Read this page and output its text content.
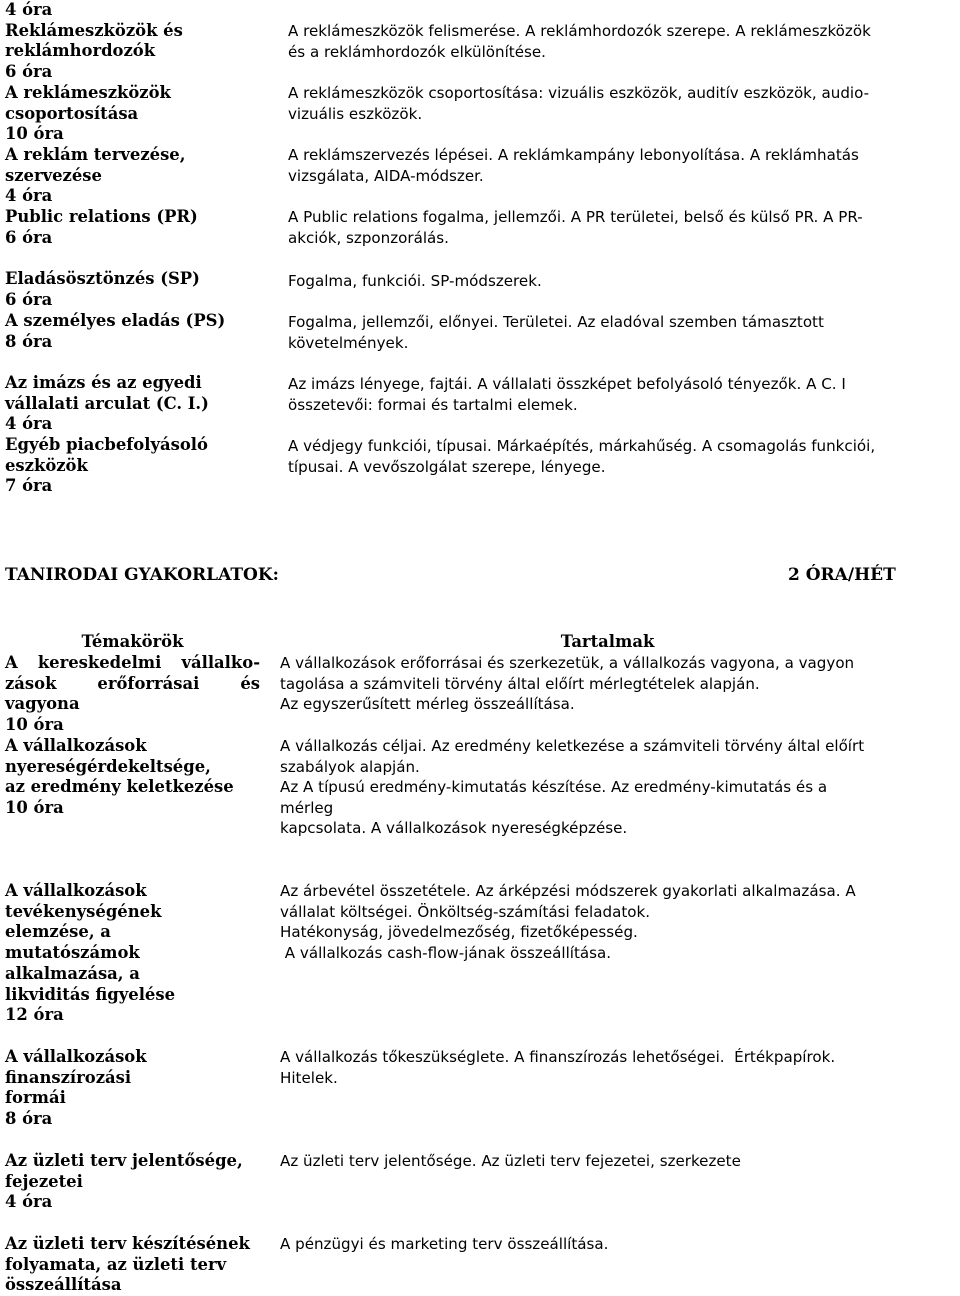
4 óra
Reklámeszközök és
reklámhordozók
6 óra
A reklámeszközök felismerése. A reklámhordozók szerepe. A reklámeszközök
és a reklámhordozók elkülönítése.
A reklámeszközök
csoportosítása
10 óra
A reklámeszközök csoportosítása: vizuális eszközök, auditív eszközök, audio-
vizuális eszközök.
A reklám tervezése,
szervezése
4 óra
A reklámszervezés lépései. A reklámkampány lebonyolítása. A reklámhatás
vizsgálata, AIDA-módszer.
Public relations (PR)
6 óra
A Public relations fogalma, jellemzői. A PR területei, belső és külső PR. A PR-
akciók, szponzorálás.
Eladásösztönzés (SP)
6 óra
Fogalma, funkciói. SP-módszerek.
A személyes eladás (PS)
8 óra
Fogalma, jellemzői, előnyei. Területei. Az eladóval szemben támasztott
követelmények.
Az imázs és az egyedi
vállalati arculat (C. I.)
4 óra
Az imázs lényege, fajtái. A vállalati összképet befolyásoló tényezők. A C. I
összetevői: formai és tartalmi elemek.
Egyéb piacbefolyásoló
eszközök
7 óra
A védjegy funkciói, típusai. Márkaépítés, márkahűség. A csomagolás funkciói,
típusai. A vevőszolgálat szerepe, lényege.
TANIRODAI GYAKORLATOK:	2 ÓRA/HÉT
Témakörök	Tartalmak
A kereskedelmi vállalko-
zások erőforrásai és
vagyona
10 óra
A vállalkozások erőforrásai és szerkezetük, a vállalkozás vagyona, a vagyon
tagolása a számviteli törvény által előírt mérlegtételek alapján.
Az egyszerűsített mérleg összeállítása.
A vállalkozások
nyereségérdekeltsége,
az eredmény keletkezése
10 óra
A vállalkozás céljai. Az eredmény keletkezése a számviteli törvény által előírt
szabályok alapján.
Az A típusú eredmény-kimutatás készítése. Az eredmény-kimutatás és a
mérleg
kapcsolata. A vállalkozások nyereségképzése.
A vállalkozások
tevékenységének
elemzése, a
mutatószámok
alkalmazása, a
likviditás figyelése
12 óra
Az árbevétel összetétele. Az árképzési módszerek gyakorlati alkalmazása. A
vállalat költségei. Önköltség-számítási feladatok.
Hatékonyság, jövedelmezőség, fizetőképesség.
A vállalkozás cash-flow-jának összeállítása.
A vállalkozások
finanszírozási
formái
8 óra
A vállalkozás tőkeszükséglete. A finanszírozás lehetőségei.  Értékpapírok.
Hitelek.
Az üzleti terv jelentősége,
fejezetei
4 óra
Az üzleti terv jelentősége. Az üzleti terv fejezetei, szerkezete
Az üzleti terv készítésének
folyamata, az üzleti terv
összeállítása
A pénzügyi és marketing terv összeállítása.
